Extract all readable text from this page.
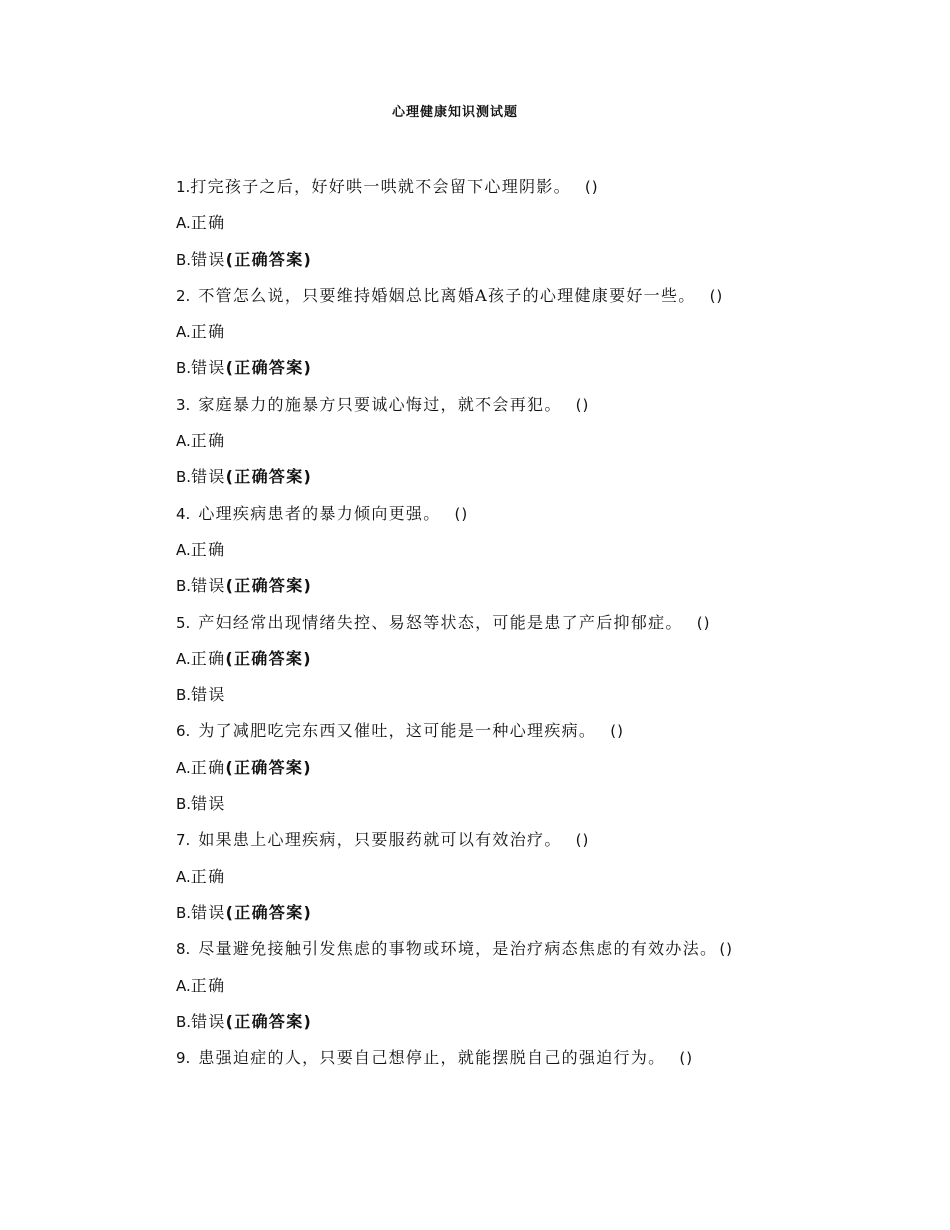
心理健康知识测试题
1.打完孩子之后，好好哄一哄就不会留下心理阴影。 ()
A.正确
B.错误(正确答案)
2. 不管怎么说，只要维持婚姻总比离婚A孩子的心理健康要好一些。 ()
A.正确
B.错误(正确答案)
3. 家庭暴力的施暴方只要诚心悔过，就不会再犯。 ()
A.正确
B.错误(正确答案)
4. 心理疾病患者的暴力倾向更强。 ()
A.正确
B.错误(正确答案)
5. 产妇经常出现情绪失控、易怒等状态，可能是患了产后抑郁症。 ()
A.正确(正确答案)
B.错误
6. 为了减肥吃完东西又催吐，这可能是一种心理疾病。 ()
A.正确(正确答案)
B.错误
7. 如果患上心理疾病，只要服药就可以有效治疗。 ()
A.正确
B.错误(正确答案)
8. 尽量避免接触引发焦虑的事物或环境，是治疗病态焦虑的有效办法。 ()
A.正确
B.错误(正确答案)
9. 患强迫症的人，只要自己想停止，就能摆脱自己的强迫行为。 ()
